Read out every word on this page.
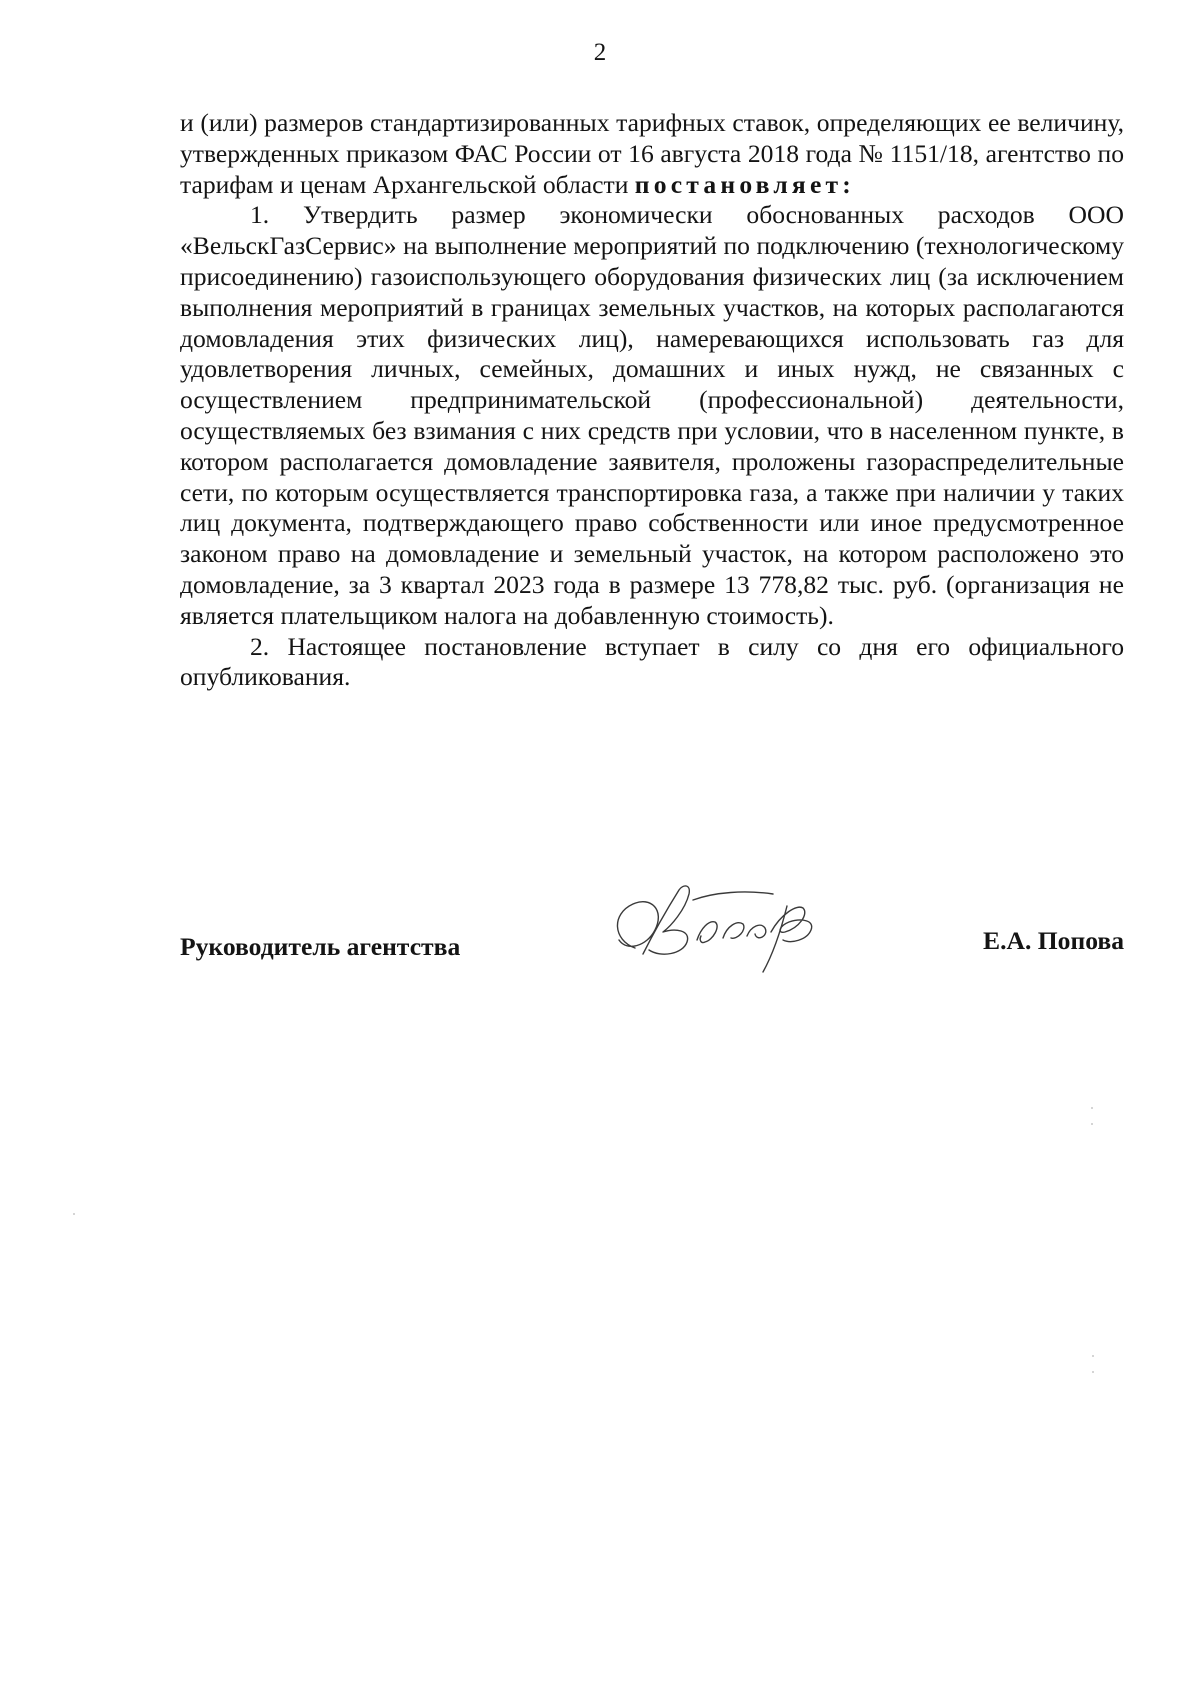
2

и (или) размеров стандартизированных тарифных ставок, определяющих ее величину, утвержденных приказом ФАС России от 16 августа 2018 года № 1151/18, агентство по тарифам и ценам Архангельской области постановляет:

1. Утвердить размер экономически обоснованных расходов ООО «ВельскГазСервис» на выполнение мероприятий по подключению (технологическому присоединению) газоиспользующего оборудования физических лиц (за исключением выполнения мероприятий в границах земельных участков, на которых располагаются домовладения этих физических лиц), намеревающихся использовать газ для удовлетворения личных, семейных, домашних и иных нужд, не связанных с осуществлением предпринимательской (профессиональной) деятельности, осуществляемых без взимания с них средств при условии, что в населенном пункте, в котором располагается домовладение заявителя, проложены газораспределительные сети, по которым осуществляется транспортировка газа, а также при наличии у таких лиц документа, подтверждающего право собственности или иное предусмотренное законом право на домовладение и земельный участок, на котором расположено это домовладение, за 3 квартал 2023 года в размере 13 778,82 тыс. руб. (организация не является плательщиком налога на добавленную стоимость).

2. Настоящее постановление вступает в силу со дня его официального опубликования.

Руководитель агентства	Е.А. Попова
